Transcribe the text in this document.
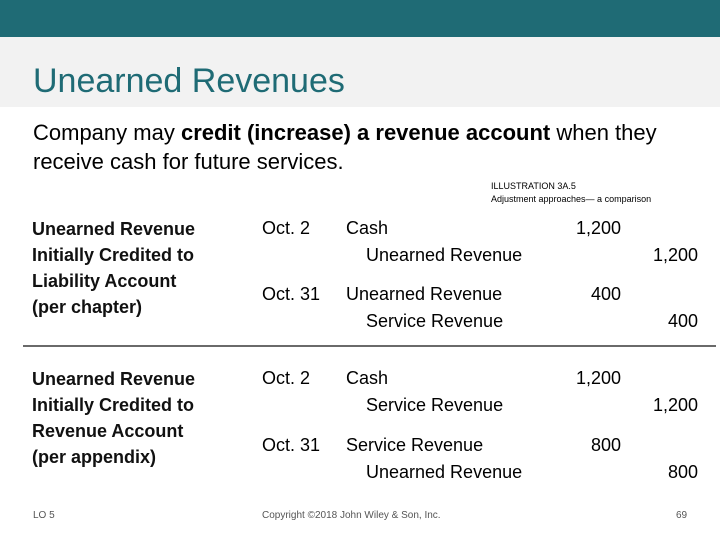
Unearned Revenues
Company may credit (increase) a revenue account when they receive cash for future services.
ILLUSTRATION 3A.5
Adjustment approaches— a comparison
Unearned Revenue
Initially Credited to
Liability Account
(per chapter)
Oct. 2 Cash
Unearned Revenue
1,200
1,200
Oct. 31 Unearned Revenue
Service Revenue
400
400
Unearned Revenue
Initially Credited to
Revenue Account
(per appendix)
Oct. 2 Cash
Service Revenue
1,200
1,200
Oct. 31 Service Revenue
Unearned Revenue
800
800
LO 5	Copyright ©2018 John Wiley & Son, Inc.	69
